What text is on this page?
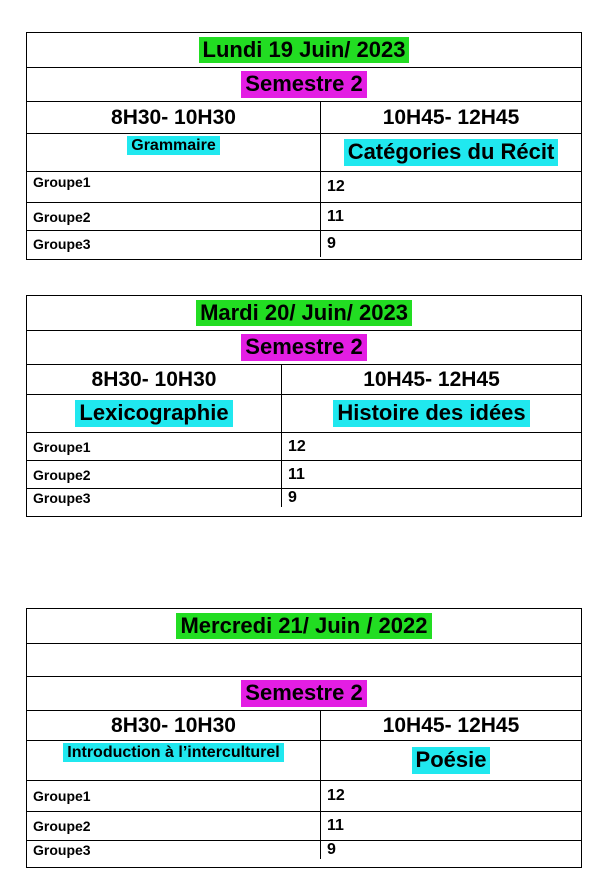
Lundi 19 Juin/ 2023
Semestre 2
8H30- 10H30	10H45- 12H45
Grammaire	Catégories du Récit
Groupe1	12
Groupe2	11
Groupe3	9
Mardi 20/ Juin/ 2023
Semestre 2
8H30- 10H30	10H45- 12H45
Lexicographie	Histoire des idées
Groupe1	12
Groupe2	11
Groupe3	9
Mercredi 21/ Juin / 2022
Semestre 2
8H30- 10H30	10H45- 12H45
Introduction à l’interculturel	Poésie
Groupe1	12
Groupe2	11
Groupe3	9
